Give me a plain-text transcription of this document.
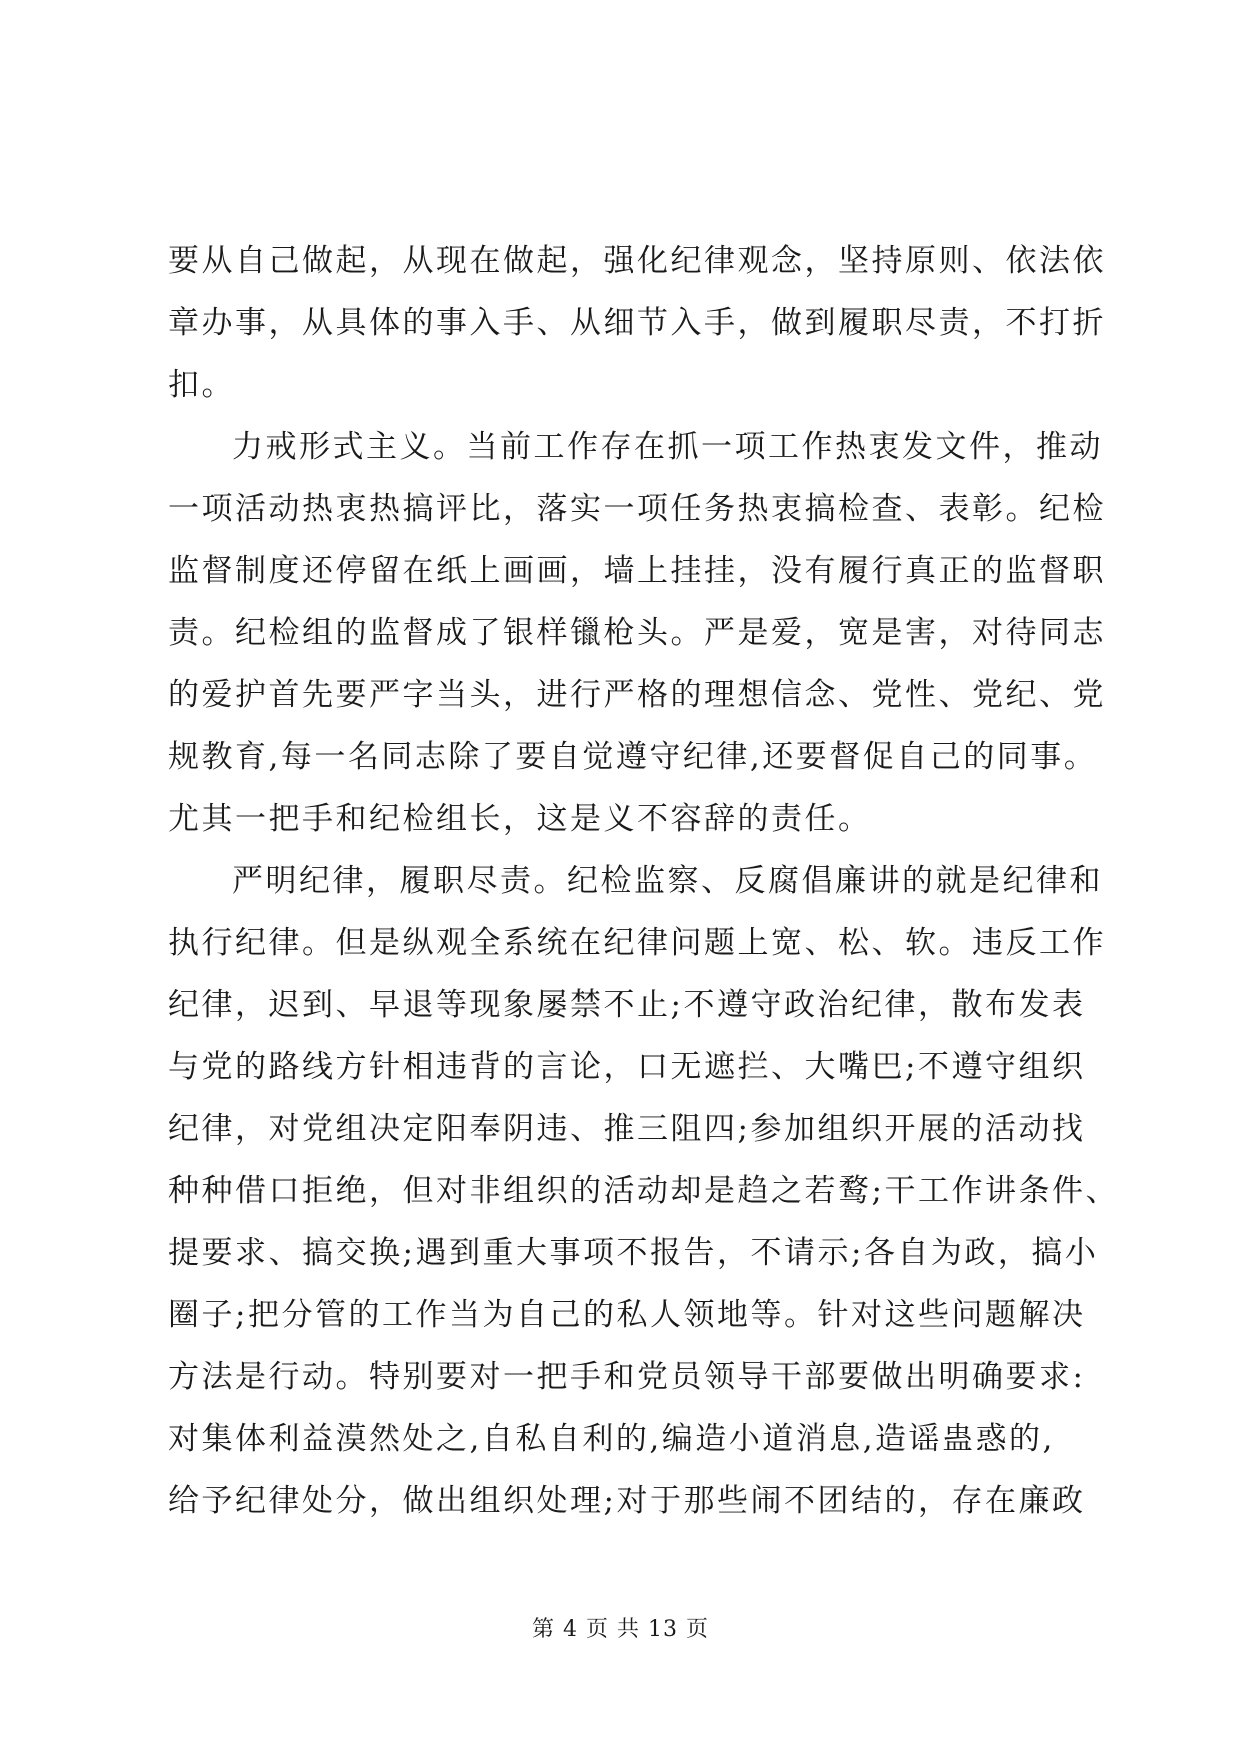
要从自己做起，从现在做起，强化纪律观念，坚持原则、依法依
章办事，从具体的事入手、从细节入手，做到履职尽责，不打折
扣。
力戒形式主义。当前工作存在抓一项工作热衷发文件，推动
一项活动热衷热搞评比，落实一项任务热衷搞检查、表彰。纪检
监督制度还停留在纸上画画，墙上挂挂，没有履行真正的监督职
责。纪检组的监督成了银样镴枪头。严是爱，宽是害，对待同志
的爱护首先要严字当头，进行严格的理想信念、党性、党纪、党
规教育,每一名同志除了要自觉遵守纪律,还要督促自己的同事。
尤其一把手和纪检组长，这是义不容辞的责任。
严明纪律，履职尽责。纪检监察、反腐倡廉讲的就是纪律和
执行纪律。但是纵观全系统在纪律问题上宽、松、软。违反工作
纪律，迟到、早退等现象屡禁不止;不遵守政治纪律，散布发表
与党的路线方针相违背的言论，口无遮拦、大嘴巴;不遵守组织
纪律，对党组决定阳奉阴违、推三阻四;参加组织开展的活动找
种种借口拒绝，但对非组织的活动却是趋之若鹜;干工作讲条件、
提要求、搞交换;遇到重大事项不报告，不请示;各自为政，搞小
圈子;把分管的工作当为自己的私人领地等。针对这些问题解决
方法是行动。特别要对一把手和党员领导干部要做出明确要求:
对集体利益漠然处之,自私自利的,编造小道消息,造谣蛊惑的,
给予纪律处分，做出组织处理;对于那些闹不团结的，存在廉政
第 4 页 共 13 页
